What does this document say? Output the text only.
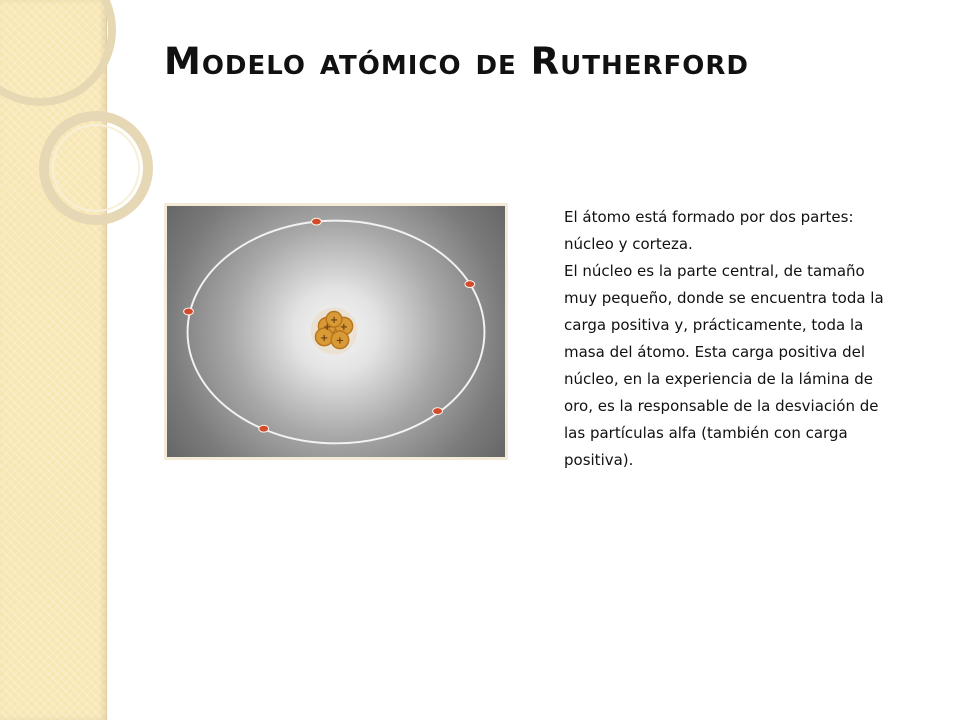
Modelo atómico de Rutherford
+ +
+ +
+

El átomo está formado por dos partes: núcleo y corteza.
El núcleo es la parte central, de tamaño muy pequeño, donde se encuentra toda la carga positiva y, prácticamente, toda la masa del átomo. Esta carga positiva del núcleo, en la experiencia de la lámina de oro, es la responsable de la desviación de las partículas alfa (también con carga positiva).
